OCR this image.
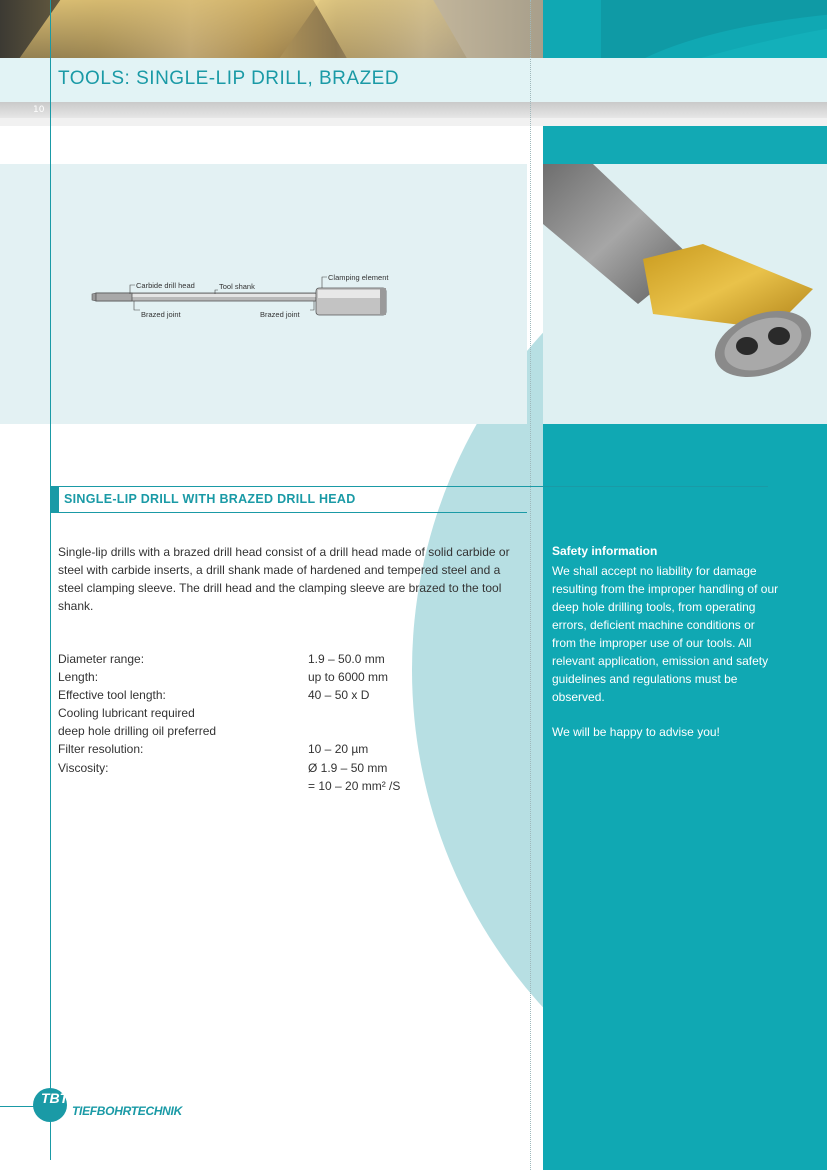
TOOLS: SINGLE-LIP DRILL, BRAZED
10
Carbide drill head	Tool shank
Clamping element
Brazed joint	Brazed joint
SINGLE-LIP DRILL WITH BRAZED DRILL HEAD
Single-lip drills with a brazed drill head consist of a drill head made of solid carbide or steel with carbide inserts, a drill shank made of hardened and tempered steel and a steel clamping sleeve. The drill head and the clamping sleeve are brazed to the tool shank.
Diameter range:	1.9 – 50.0 mm
Length:	up to 6000 mm
Effective tool length:	40 – 50 x D
Cooling lubricant required
deep hole drilling oil preferred
Filter resolution:	10 – 20 µm
Viscosity:	Ø 1.9 – 50 mm
= 10 – 20 mm² /S
Safety information
We shall accept no liability for damage resulting from the improper handling of our deep hole drilling tools, from operating errors, deficient machine conditions or from the improper use of our tools. All relevant application, emission and safety guidelines and regulations must be observed.
We will be happy to advise you!
TBT
TIEFBOHRTECHNIK
